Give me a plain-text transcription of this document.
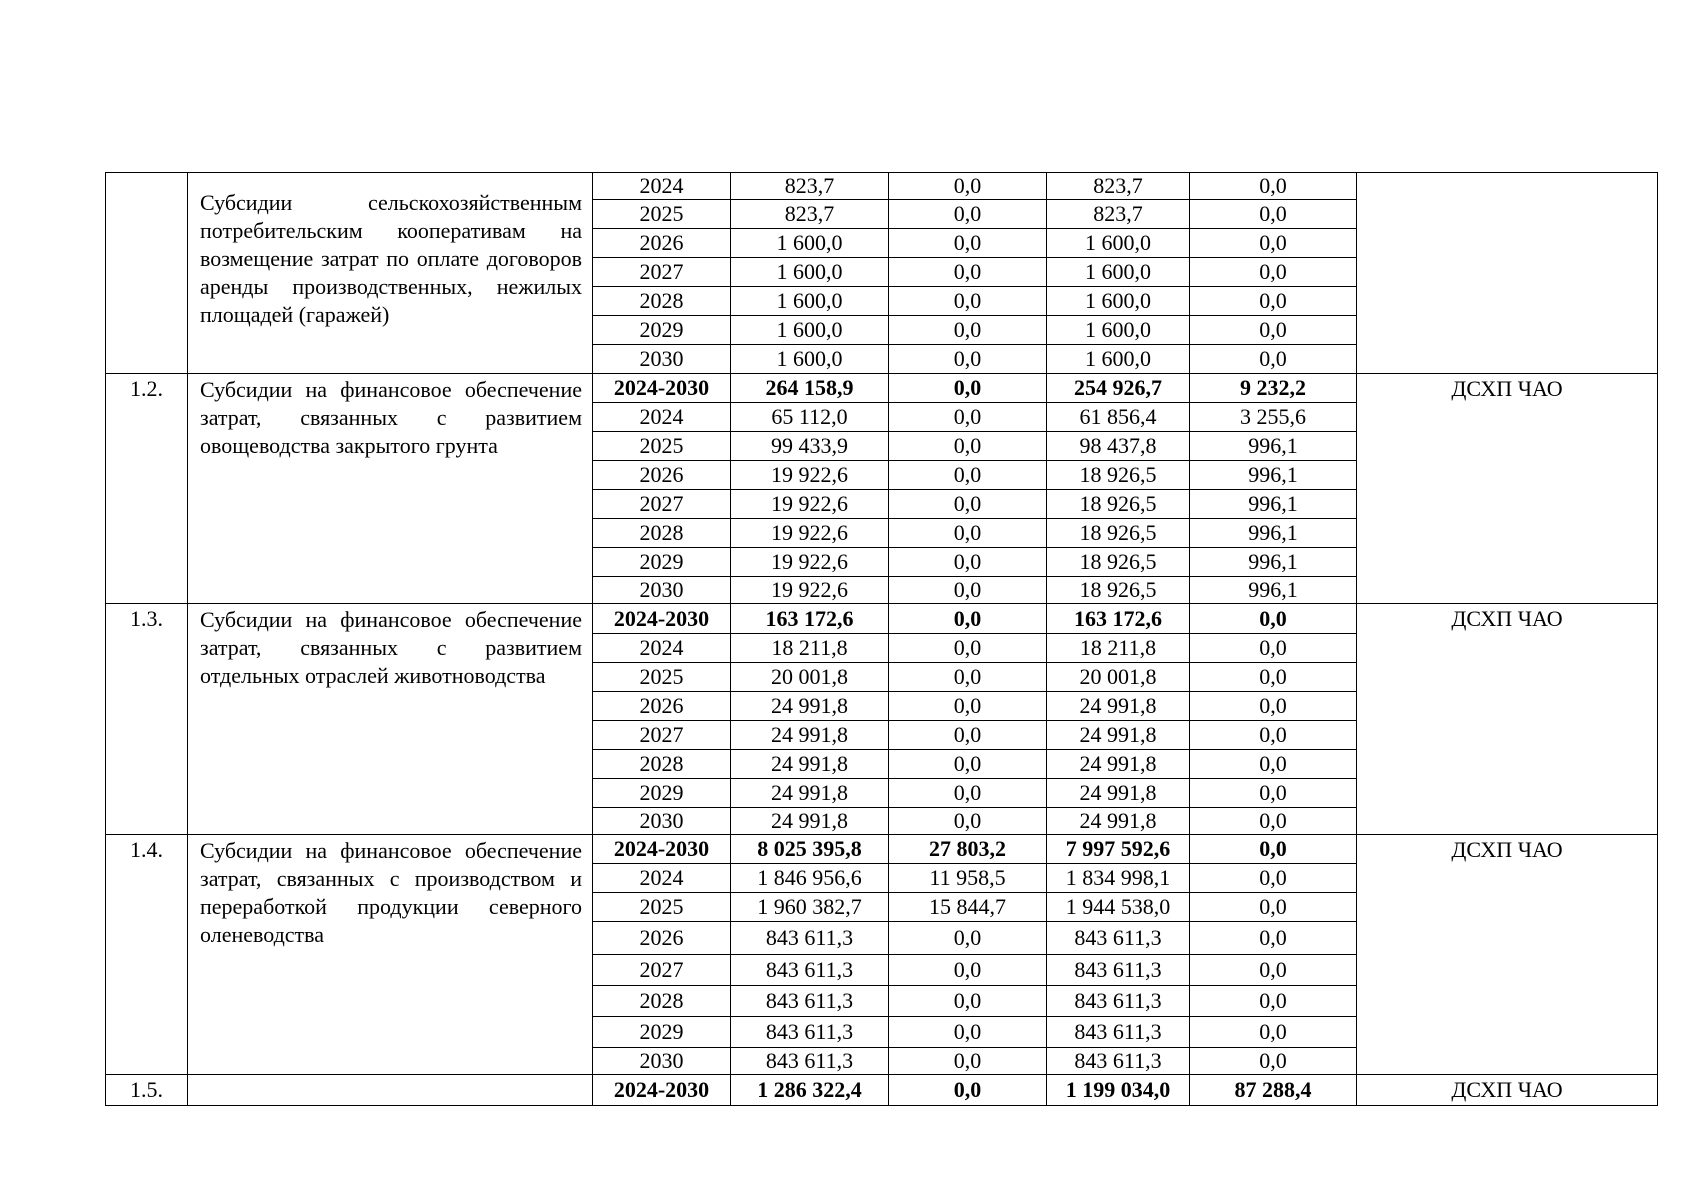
	Субсидии сельскохозяйственным потребительским кооперативам на возмещение затрат по оплате договоров аренды производственных, нежилых площадей (гаражей)	2024	823,7	0,0	823,7	0,0	
		2025	823,7	0,0	823,7	0,0	
		2026	1 600,0	0,0	1 600,0	0,0	
		2027	1 600,0	0,0	1 600,0	0,0	
		2028	1 600,0	0,0	1 600,0	0,0	
		2029	1 600,0	0,0	1 600,0	0,0	
		2030	1 600,0	0,0	1 600,0	0,0	
1.2.	Субсидии на финансовое обеспечение затрат, связанных с развитием овощеводства закрытого грунта	2024-2030	264 158,9	0,0	254 926,7	9 232,2	ДСХП ЧАО
		2024	65 112,0	0,0	61 856,4	3 255,6	
		2025	99 433,9	0,0	98 437,8	996,1	
		2026	19 922,6	0,0	18 926,5	996,1	
		2027	19 922,6	0,0	18 926,5	996,1	
		2028	19 922,6	0,0	18 926,5	996,1	
		2029	19 922,6	0,0	18 926,5	996,1	
		2030	19 922,6	0,0	18 926,5	996,1	
1.3.	Субсидии на финансовое обеспечение затрат, связанных с развитием отдельных отраслей животноводства	2024-2030	163 172,6	0,0	163 172,6	0,0	ДСХП ЧАО
		2024	18 211,8	0,0	18 211,8	0,0	
		2025	20 001,8	0,0	20 001,8	0,0	
		2026	24 991,8	0,0	24 991,8	0,0	
		2027	24 991,8	0,0	24 991,8	0,0	
		2028	24 991,8	0,0	24 991,8	0,0	
		2029	24 991,8	0,0	24 991,8	0,0	
		2030	24 991,8	0,0	24 991,8	0,0	
1.4.	Субсидии на финансовое обеспечение затрат, связанных с производством и переработкой продукции северного оленеводства	2024-2030	8 025 395,8	27 803,2	7 997 592,6	0,0	ДСХП ЧАО
		2024	1 846 956,6	11 958,5	1 834 998,1	0,0	
		2025	1 960 382,7	15 844,7	1 944 538,0	0,0	
		2026	843 611,3	0,0	843 611,3	0,0	
		2027	843 611,3	0,0	843 611,3	0,0	
		2028	843 611,3	0,0	843 611,3	0,0	
		2029	843 611,3	0,0	843 611,3	0,0	
		2030	843 611,3	0,0	843 611,3	0,0	
1.5.		2024-2030	1 286 322,4	0,0	1 199 034,0	87 288,4	ДСХП ЧАО
